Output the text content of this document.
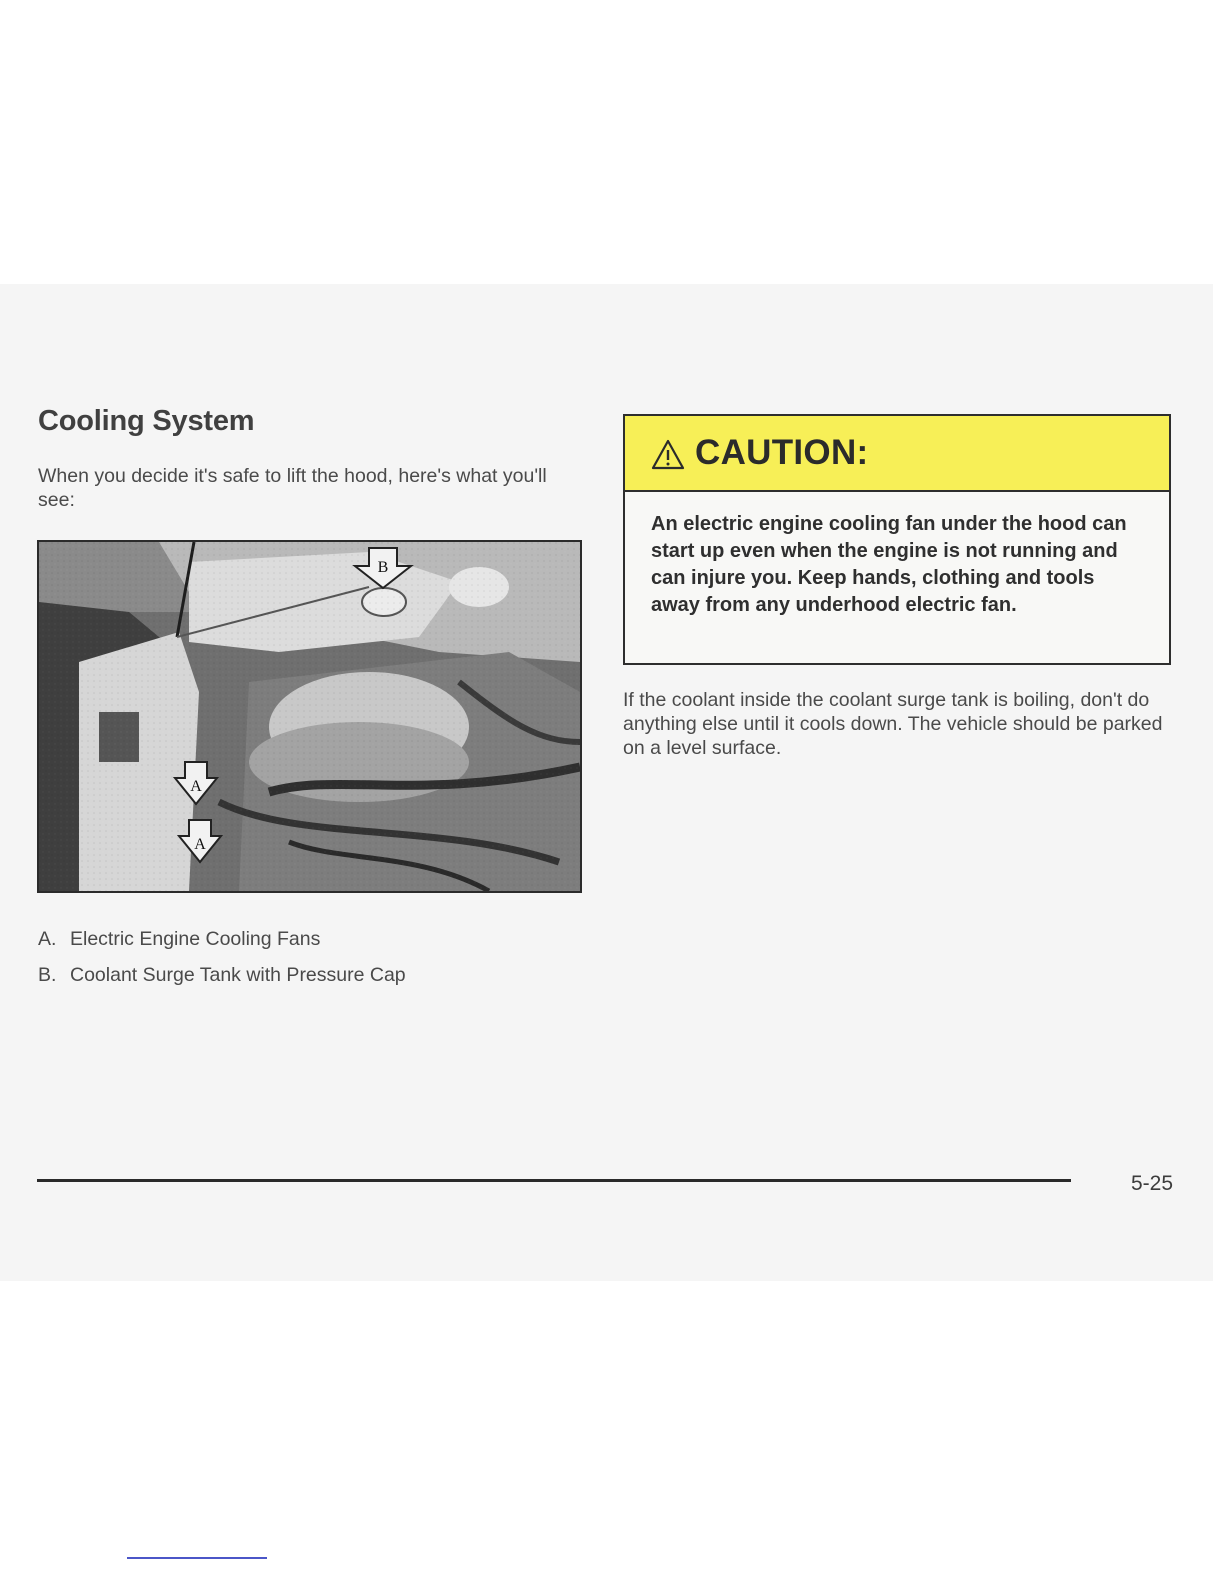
Cooling System

When you decide it's safe to lift the hood, here's what you'll see:

B
A
A
A. Electric Engine Cooling Fans
B. Coolant Surge Tank with Pressure Cap
CAUTION:

An electric engine cooling fan under the hood can start up even when the engine is not running and can injure you. Keep hands, clothing and tools away from any underhood electric fan.

If the coolant inside the coolant surge tank is boiling, don't do anything else until it cools down. The vehicle should be parked on a level surface.

5-25
